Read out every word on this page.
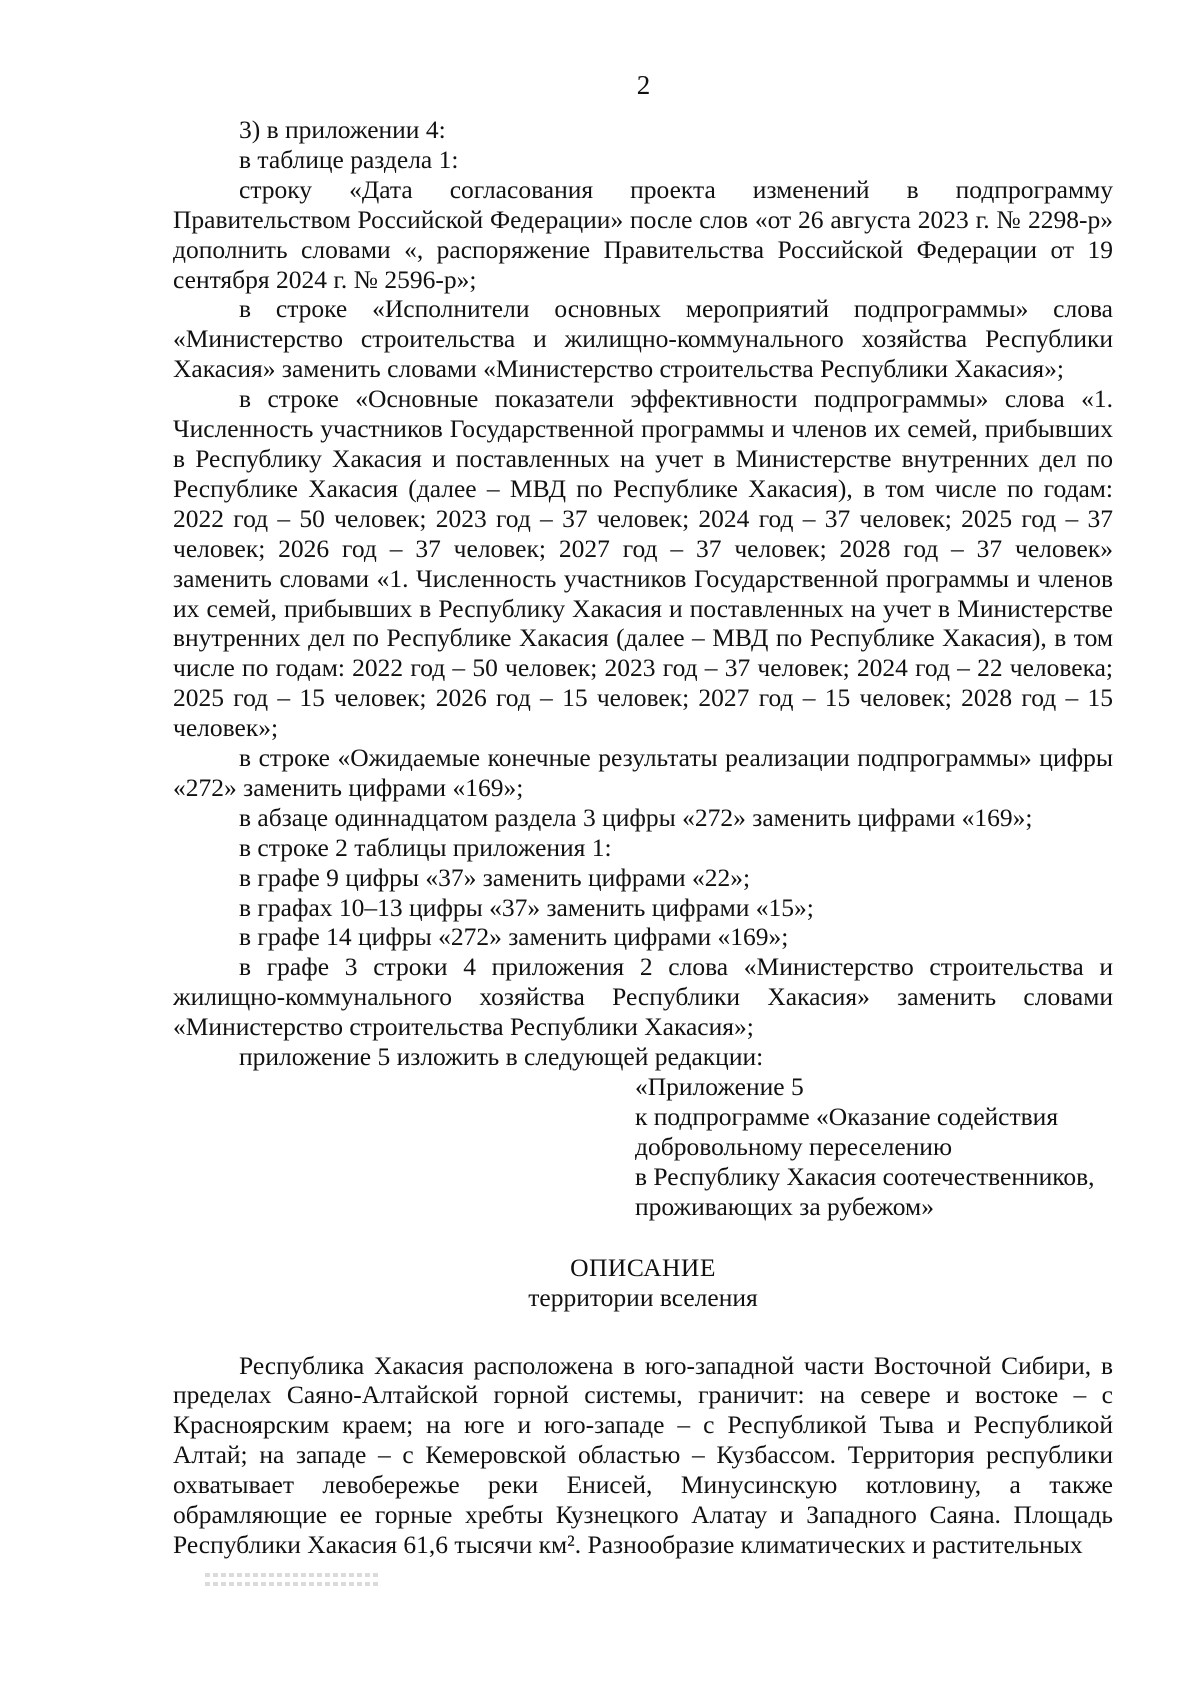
2

3) в приложении 4:

в таблице раздела 1:

строку «Дата согласования проекта изменений в подпрограмму Правительством Российской Федерации» после слов «от 26 августа 2023 г. № 2298-р» дополнить словами «, распоряжение Правительства Российской Федерации от 19 сентября 2024 г. № 2596-р»;

в строке «Исполнители основных мероприятий подпрограммы» слова «Министерство строительства и жилищно-коммунального хозяйства Республики Хакасия» заменить словами «Министерство строительства Республики Хакасия»;

в строке «Основные показатели эффективности подпрограммы» слова «1. Численность участников Государственной программы и членов их семей, прибывших в Республику Хакасия и поставленных на учет в Министерстве внутренних дел по Республике Хакасия (далее – МВД по Республике Хакасия), в том числе по годам: 2022 год – 50 человек; 2023 год – 37 человек; 2024 год – 37 человек; 2025 год – 37 человек; 2026 год – 37 человек; 2027 год – 37 человек; 2028 год – 37 человек» заменить словами «1. Численность участников Государственной программы и членов их семей, прибывших в Республику Хакасия и поставленных на учет в Министерстве внутренних дел по Республике Хакасия (далее – МВД по Республике Хакасия), в том числе по годам: 2022 год – 50 человек; 2023 год – 37 человек; 2024 год – 22 человека; 2025 год – 15 человек; 2026 год – 15 человек; 2027 год – 15 человек; 2028 год – 15 человек»;

в строке «Ожидаемые конечные результаты реализации подпрограммы» цифры «272» заменить цифрами «169»;

в абзаце одиннадцатом раздела 3 цифры «272» заменить цифрами «169»;

в строке 2 таблицы приложения 1:

в графе 9 цифры «37» заменить цифрами «22»;

в графах 10–13 цифры «37» заменить цифрами «15»;

в графе 14 цифры «272» заменить цифрами «169»;

в графе 3 строки 4 приложения 2 слова «Министерство строительства и жилищно-коммунального хозяйства Республики Хакасия» заменить словами «Министерство строительства Республики Хакасия»;

приложение 5 изложить в следующей редакции:

«Приложение 5
к подпрограмме «Оказание содействия
добровольному переселению
в Республику Хакасия соотечественников,
проживающих за рубежом»
ОПИСАНИЕ
территории вселения

Республика Хакасия расположена в юго-западной части Восточной Сибири, в пределах Саяно-Алтайской горной системы, граничит: на севере и востоке – с Красноярским краем; на юге и юго-западе – с Республикой Тыва и Республикой Алтай; на западе – с Кемеровской областью – Кузбассом. Территория республики охватывает левобережье реки Енисей, Минусинскую котловину, а также обрамляющие ее горные хребты Кузнецкого Алатау и Западного Саяна. Площадь Республики Хакасия 61,6 тысячи км². Разнообразие климатических и растительных
